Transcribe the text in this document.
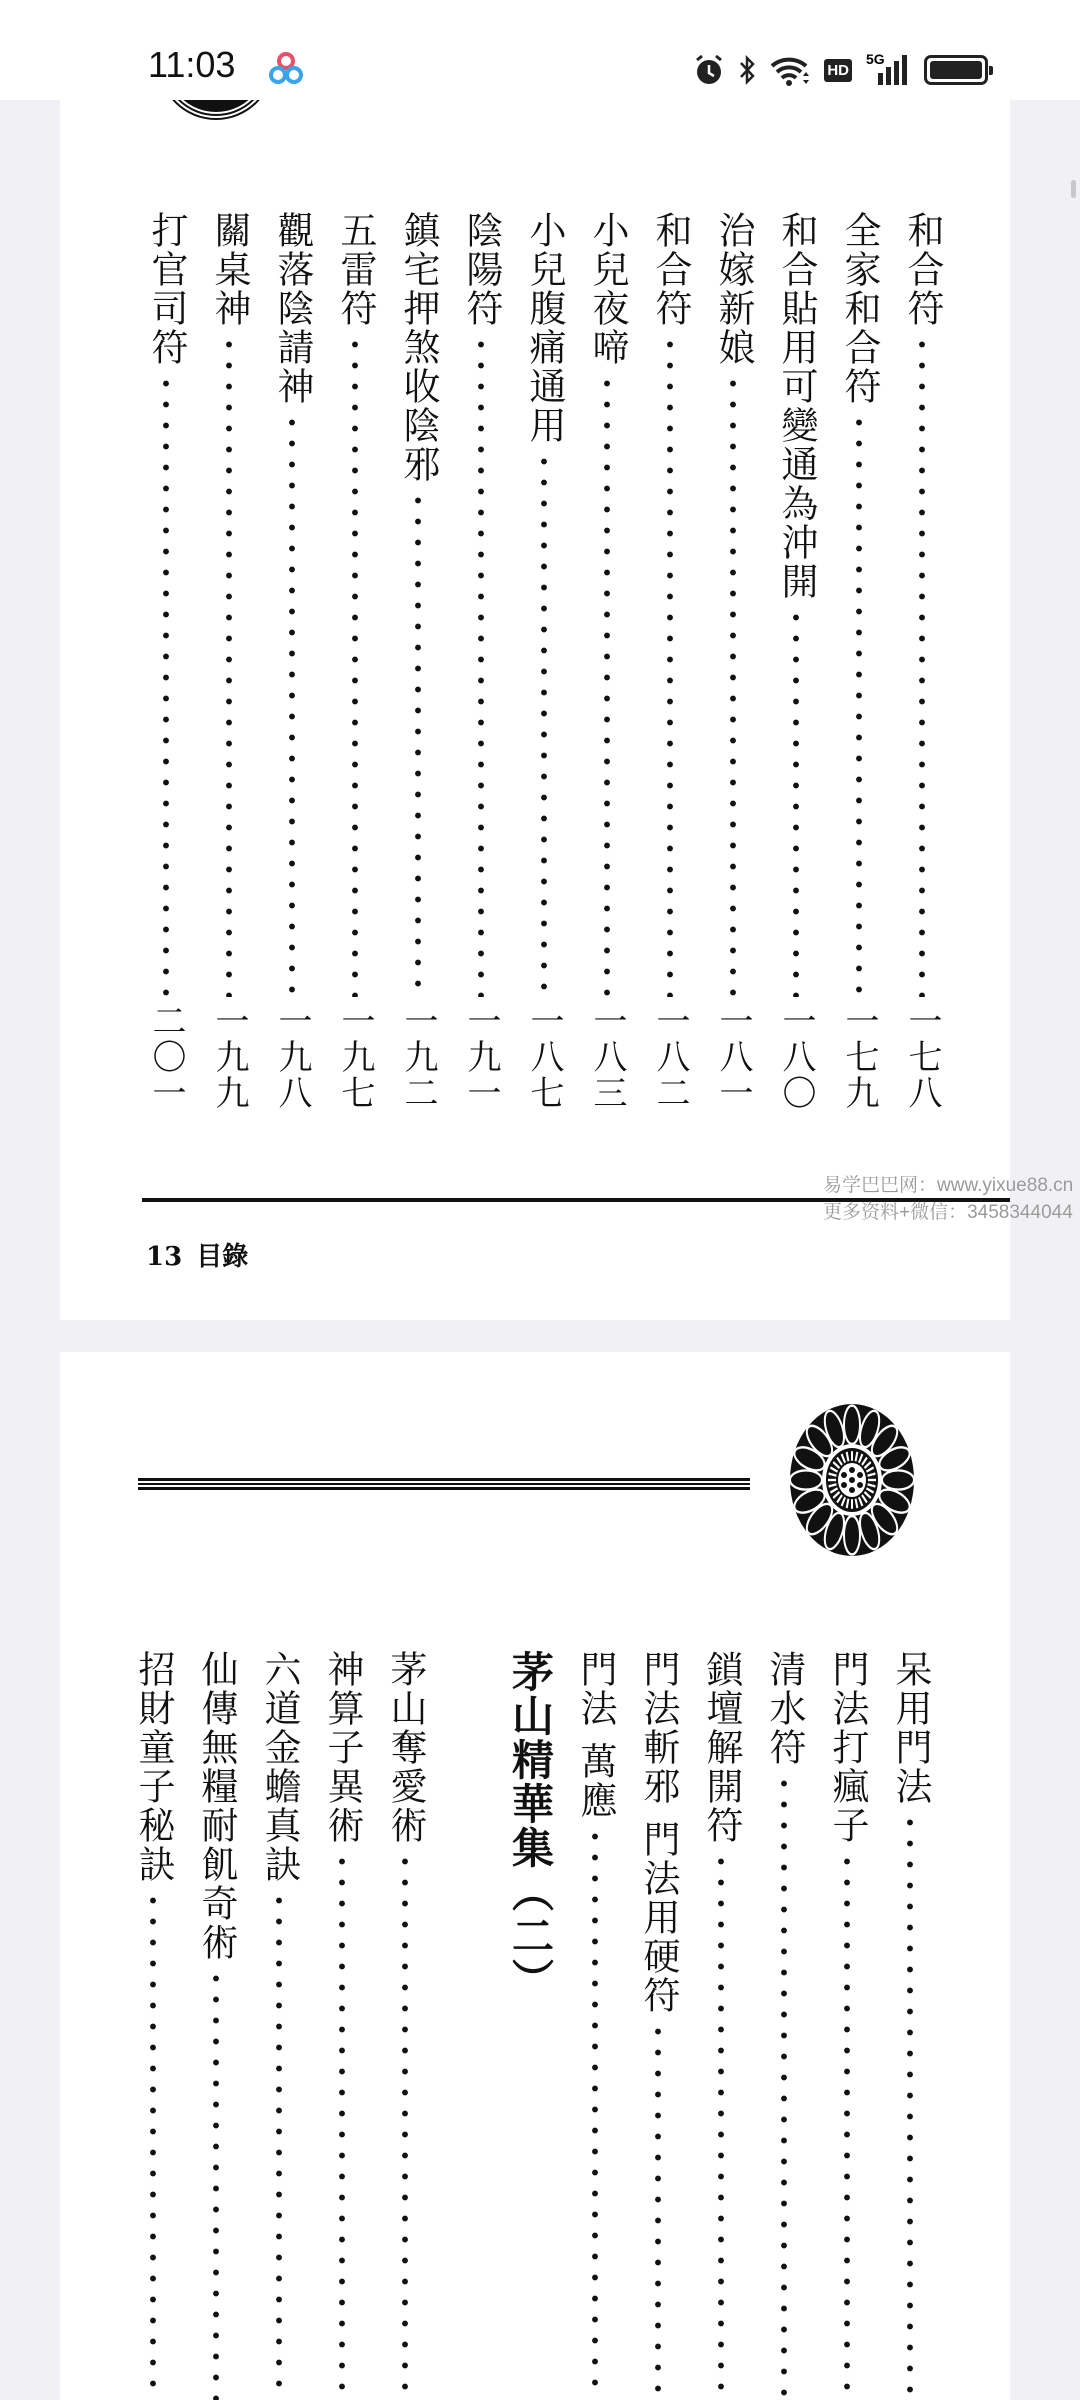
11:03	HD
5G
易学巴巴网：www.yixue88.cn
更多资料+微信：3458344044
和合符
一七八
全家和合符
一七九
和合貼用可變通為沖開
一八〇
治嫁新娘
一八一
和合符
一八二
小兒夜啼
一八三
小兒腹痛通用
一八七
陰陽符
一九一
鎮宅押煞收陰邪
一九二
五雷符
一九七
觀落陰請神
一九八
關桌神
一九九
打官司符
二〇一
13 目錄
呆用門法
門法打瘋子
清水符
鎖壇解開符
門法斬邪 門法用硬符
門法 萬應
茅山精華集（二）
茅山奪愛術
神算子異術
六道金蟾真訣
仙傳無糧耐飢奇術
招財童子秘訣
